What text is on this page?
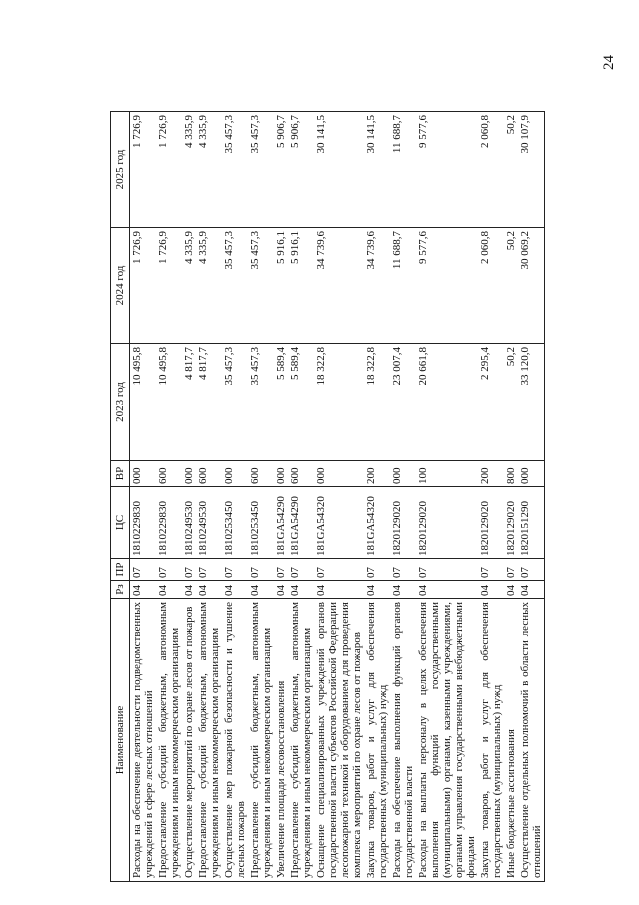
24
Наименование	Рз	ПР	ЦС	ВР	2023 год	2024 год	2025 год
Расходы на обеспечение деятельности подведомственных учреждений в сфере лесных отношений	04	07	1810229830	000	10 495,8	1 726,9	1 726,9
Предоставление субсидий бюджетным, автономным учреждениям и иным некоммерческим организациям	04	07	1810229830	600	10 495,8	1 726,9	1 726,9
Осуществление мероприятий по охране лесов от пожаров	04	07	1810249530	000	4 817,7	4 335,9	4 335,9
Предоставление субсидий бюджетным, автономным учреждениям и иным некоммерческим организациям	04	07	1810249530	600	4 817,7	4 335,9	4 335,9
Осуществление мер пожарной безопасности и тушение лесных пожаров	04	07	1810253450	000	35 457,3	35 457,3	35 457,3
Предоставление субсидий бюджетным, автономным учреждениям и иным некоммерческим организациям	04	07	1810253450	600	35 457,3	35 457,3	35 457,3
Увеличение площади лесовосстановления	04	07	181GA54290	000	5 589,4	5 916,1	5 906,7
Предоставление субсидий бюджетным, автономным учреждениям и иным некоммерческим организациям	04	07	181GA54290	600	5 589,4	5 916,1	5 906,7
Оснащение специализированных учреждений органов государственной власти субъектов Российской Федерации лесопожарной техникой и оборудованием для проведения комплекса мероприятий по охране лесов от пожаров	04	07	181GA54320	000	18 322,8	34 739,6	30 141,5
Закупка товаров, работ и услуг для обеспечения государственных (муниципальных) нужд	04	07	181GA54320	200	18 322,8	34 739,6	30 141,5
Расходы на обеспечение выполнения функций органов государственной власти	04	07	1820129020	000	23 007,4	11 688,7	11 688,7
Расходы на выплаты персоналу в целях обеспечения выполнения функций государственными (муниципальными) органами, казенными учреждениями, органами управления государственными внебюджетными фондами	04	07	1820129020	100	20 661,8	9 577,6	9 577,6
Закупка товаров, работ и услуг для обеспечения государственных (муниципальных) нужд	04	07	1820129020	200	2 295,4	2 060,8	2 060,8
Иные бюджетные ассигнования	04	07	1820129020	800	50,2	50,2	50,2
Осуществление отдельных полномочий в области лесных отношений	04	07	1820151290	000	33 120,0	30 069,2	30 107,9
